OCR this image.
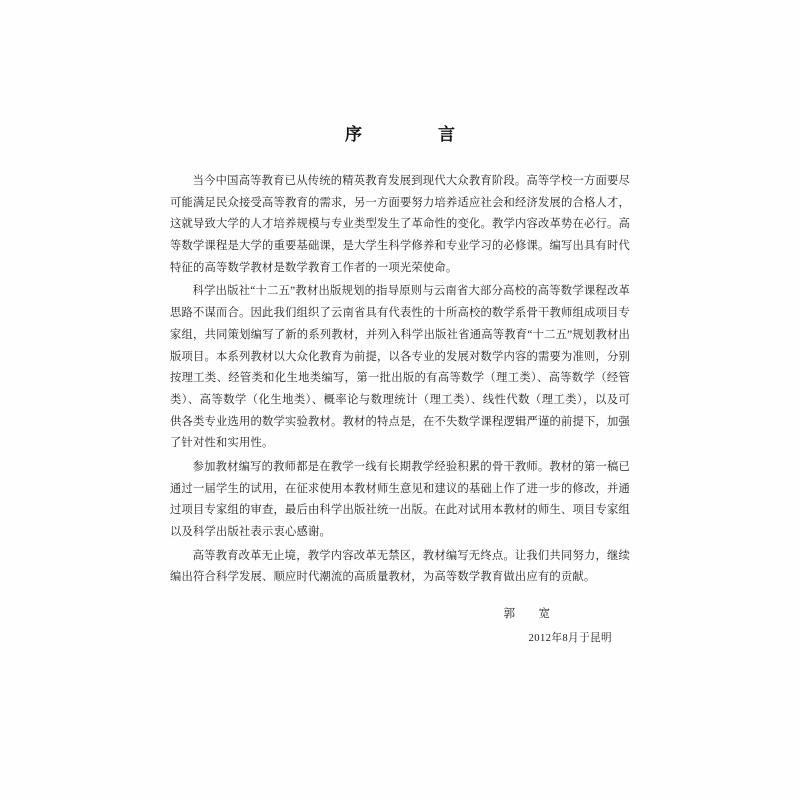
序　　言

当今中国高等教育已从传统的精英教育发展到现代大众教育阶段。高等学校一方面要尽可能满足民众接受高等教育的需求，另一方面要努力培养适应社会和经济发展的合格人才，这就导致大学的人才培养规模与专业类型发生了革命性的变化。教学内容改革势在必行。高等数学课程是大学的重要基础课，是大学生科学修养和专业学习的必修课。编写出具有时代特征的高等数学教材是数学教育工作者的一项光荣使命。

科学出版社“十二五”教材出版规划的指导原则与云南省大部分高校的高等数学课程改革思路不谋而合。因此我们组织了云南省具有代表性的十所高校的数学系骨干教师组成项目专家组，共同策划编写了新的系列教材，并列入科学出版社省通高等教育“十二五”规划教材出版项目。本系列教材以大众化教育为前提，以各专业的发展对数学内容的需要为准则，分别按理工类、经管类和化生地类编写，第一批出版的有高等数学（理工类）、高等数学（经管类）、高等数学（化生地类）、概率论与数理统计（理工类）、线性代数（理工类），以及可供各类专业选用的数学实验教材。教材的特点是，在不失数学课程逻辑严谨的前提下，加强了针对性和实用性。

参加教材编写的教师都是在教学一线有长期教学经验积累的骨干教师。教材的第一稿已通过一届学生的试用，在征求使用本教材师生意见和建议的基础上作了进一步的修改，并通过项目专家组的审查，最后由科学出版社统一出版。在此对试用本教材的师生、项目专家组以及科学出版社表示衷心感谢。

高等教育改革无止境，教学内容改革无禁区，教材编写无终点。让我们共同努力，继续编出符合科学发展、顺应时代潮流的高质量教材，为高等数学教育做出应有的贡献。

郭　宽
2012年8月于昆明
